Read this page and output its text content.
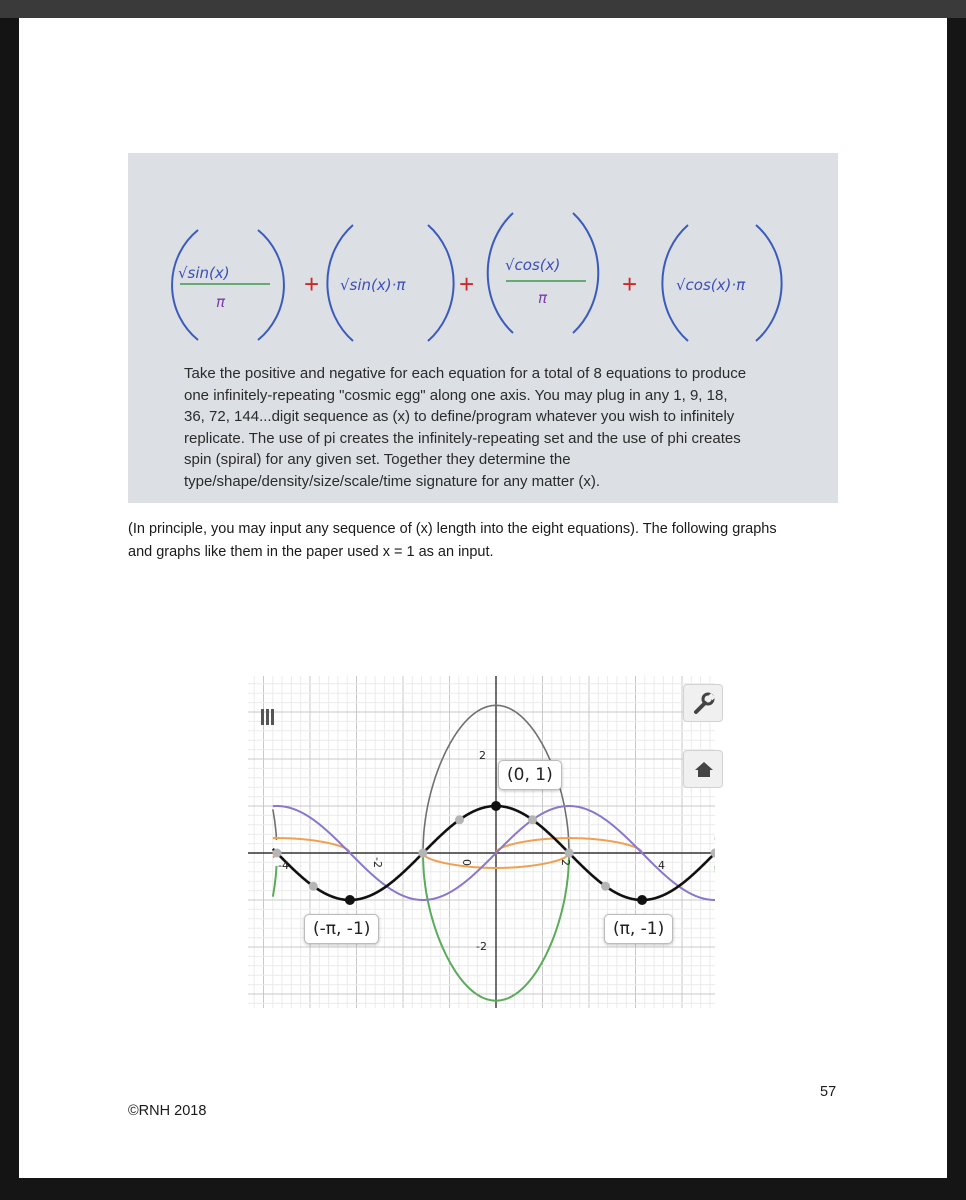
√sin(x)
π
+ √sin(x)·π +
√cos(x)
π	+	√cos(x)·π
Take the positive and negative for each equation for a total of 8 equations to produce
one infinitely-repeating "cosmic egg" along one axis. You may plug in any 1, 9, 18,
36, 72, 144...digit sequence as (x) to define/program whatever you wish to infinitely
replicate. The use of pi creates the infinitely-repeating set and the use of phi creates
spin (spiral) for any given set. Together they determine the
type/shape/density/size/scale/time signature for any matter (x).
(In principle, you may input any sequence of (x) length into the eight equations). The following graphs
and graphs like them in the paper used x = 1 as an input.
2
-2
-4	-2	0	2	4
(0, 1)
(-π, -1)	(π, -1)
©RNH 2018
57
